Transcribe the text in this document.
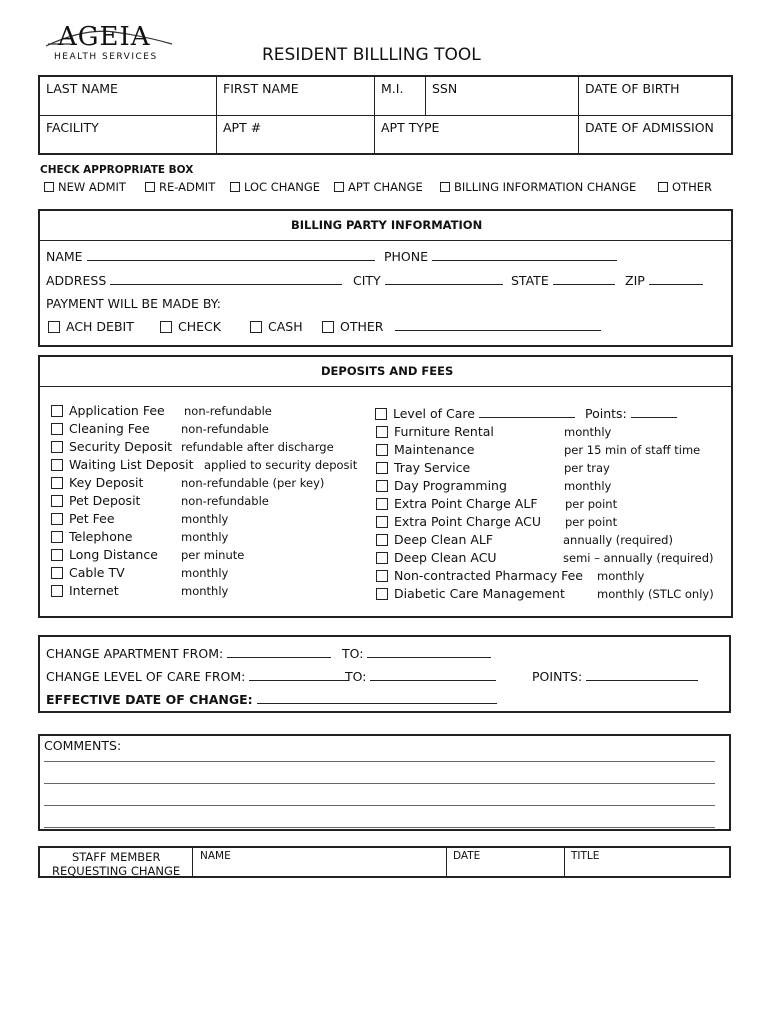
AGEIA
HEALTH SERVICES	RESIDENT BILLLING TOOL
LAST NAME	FIRST NAME	M.I. SSN	DATE OF BIRTH
FACILITY	APT #	APT TYPE	DATE OF ADMISSION
CHECK APPROPRIATE BOX
NEW ADMIT	RE-ADMIT	LOC CHANGE	APT CHANGE	BILLING INFORMATION CHANGE	OTHER
BILLING PARTY INFORMATION
NAME	PHONE
ADDRESS	CITY	STATE	ZIP
PAYMENT WILL BE MADE BY:
ACH DEBIT	CHECK	CASH	OTHER
DEPOSITS AND FEES
Application Fee non-refundable
Cleaning Fee	non-refundable
Security Deposit refundable after discharge
Waiting List Deposit applied to security deposit
Key Deposit	non-refundable (per key)
Pet Deposit	non-refundable
Pet Fee	monthly
Telephone	monthly
Long Distance per minute
Cable TV	monthly
Internet	monthly
Level of Care	Points:
Furniture Rental	monthly
Maintenance	per 15 min of staff time
Tray Service	per tray
Day Programming	monthly
Extra Point Charge ALF per point
Extra Point Charge ACU per point
Deep Clean ALF	annually (required)
Deep Clean ACU	semi – annually (required)
Non-contracted Pharmacy Fee monthly
Diabetic Care Management	monthly (STLC only)
CHANGE APARTMENT FROM:	TO:
CHANGE LEVEL OF CARE FROM:	TO:	POINTS:
EFFECTIVE DATE OF CHANGE:
COMMENTS:
STAFF MEMBER
REQUESTING CHANGE
NAME	DATE	TITLE
